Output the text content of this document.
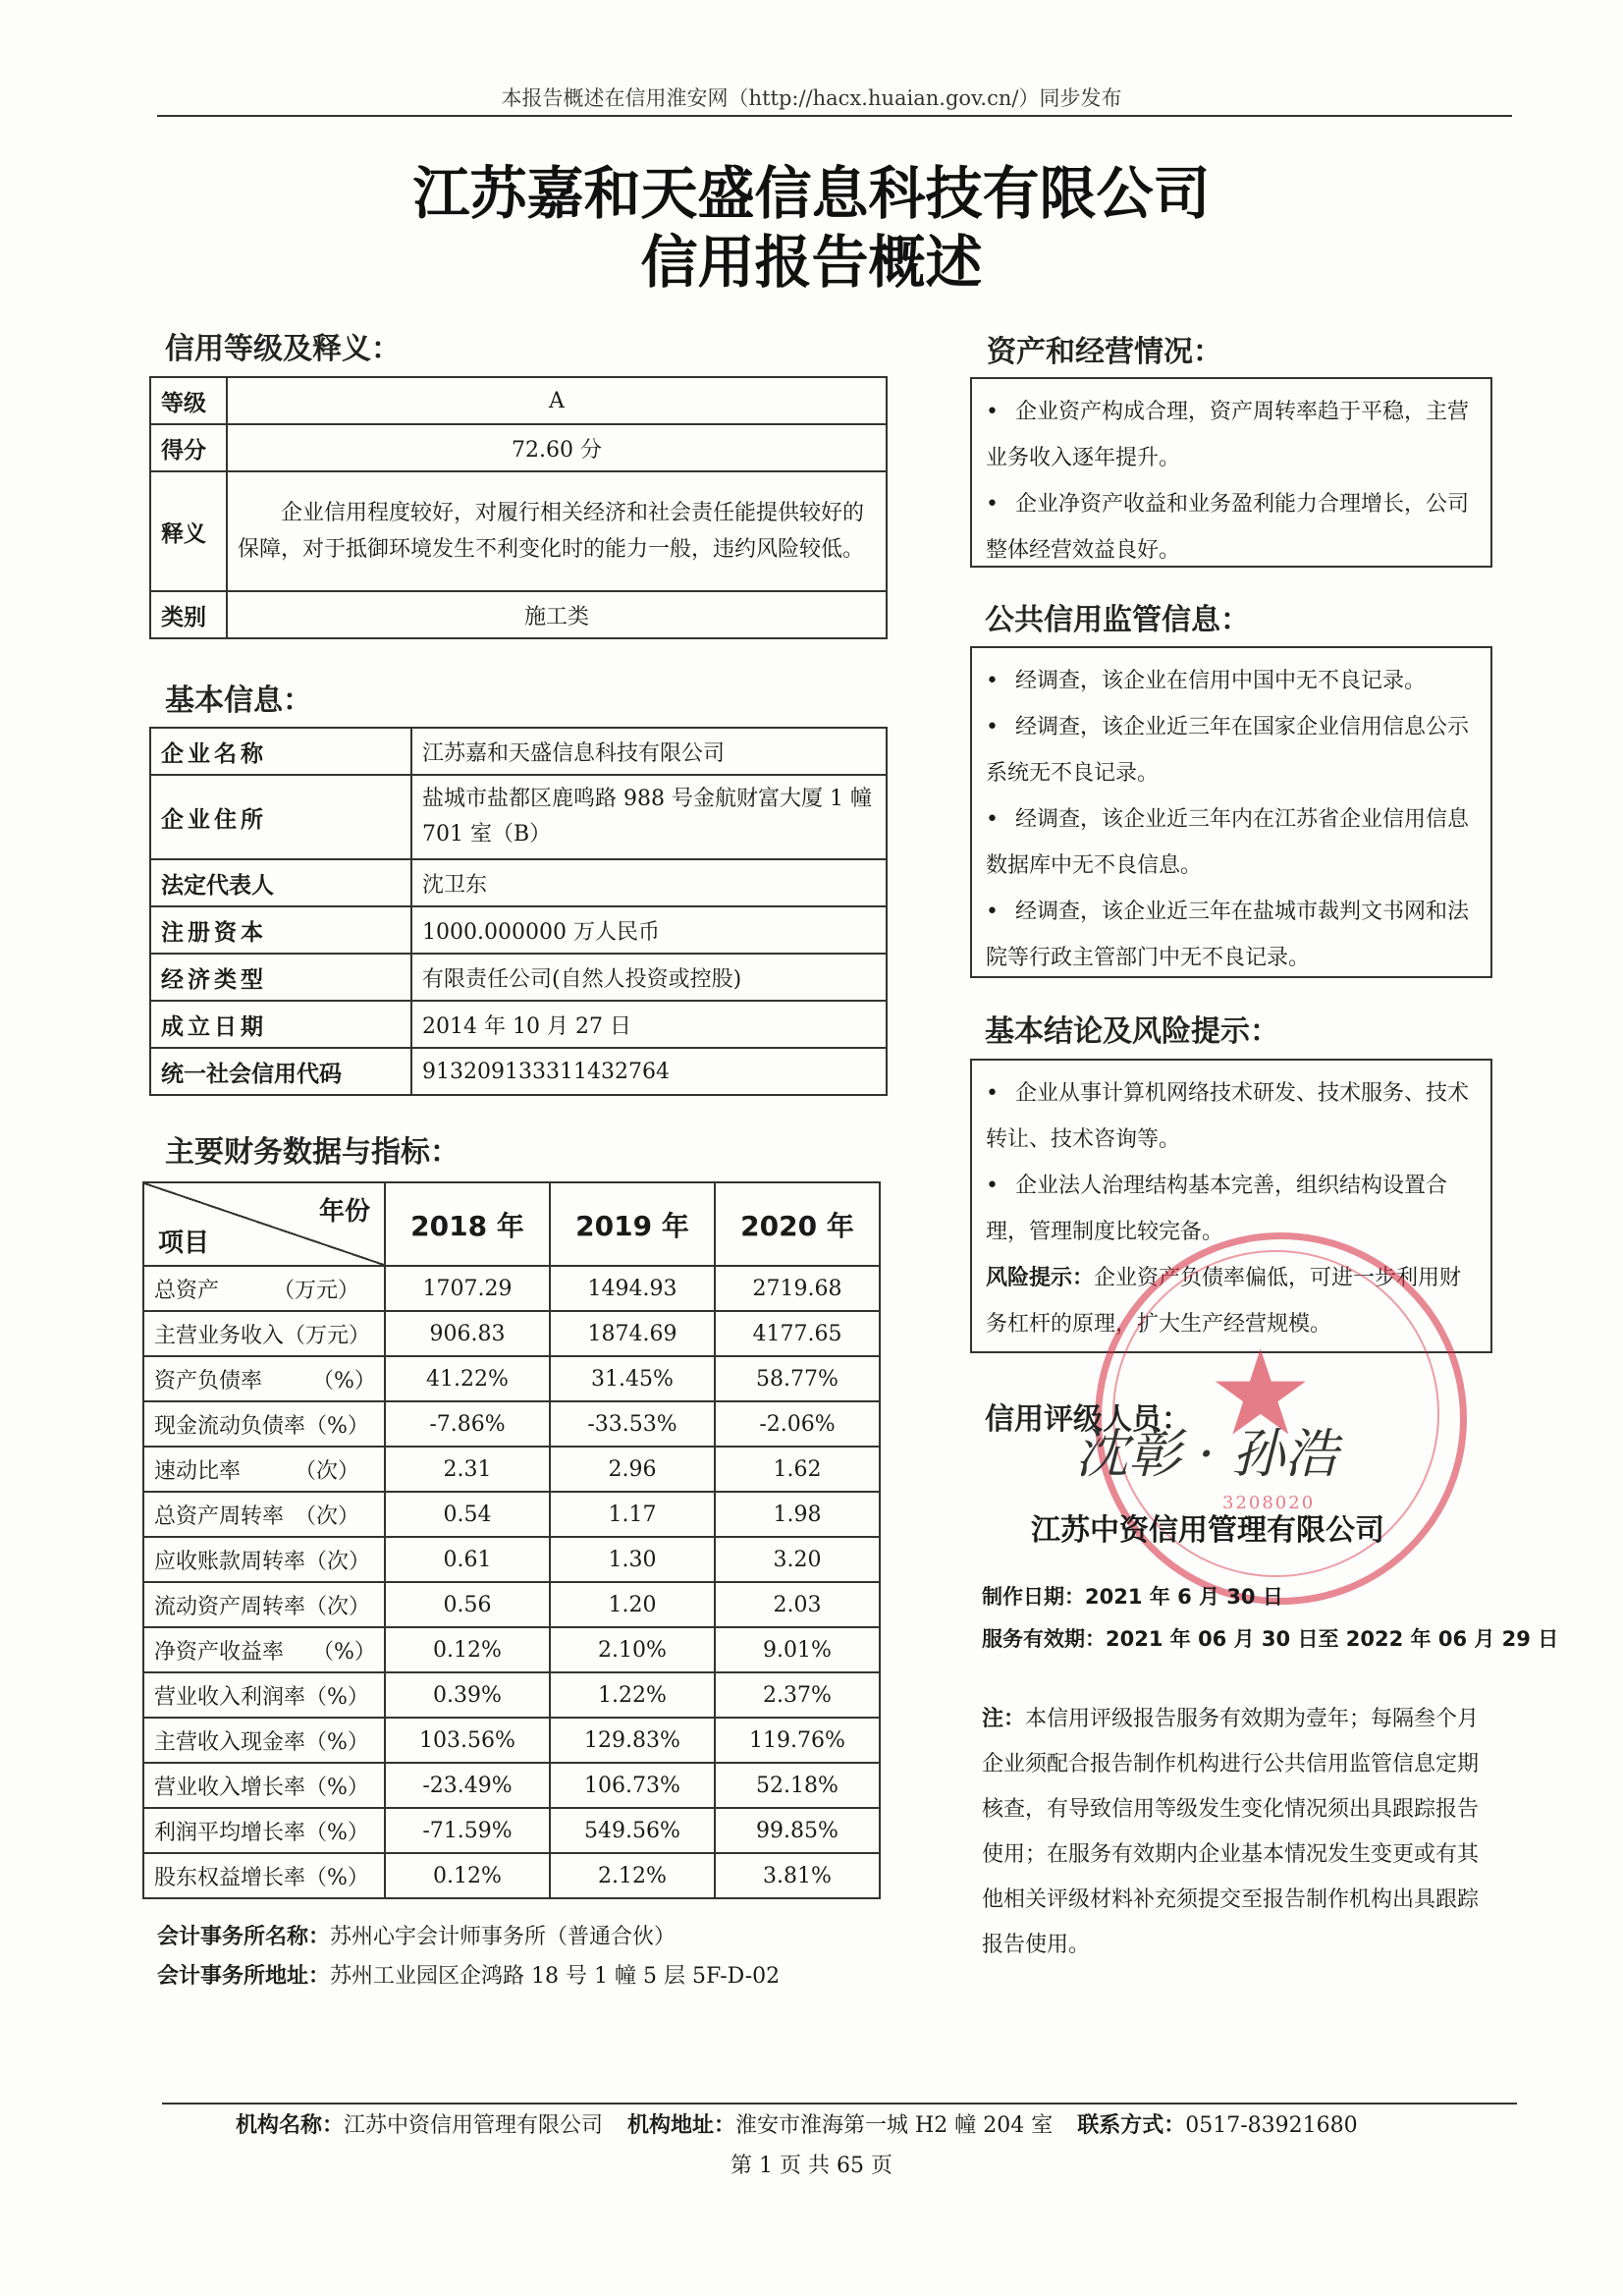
本报告概述在信用淮安网（http://hacx.huaian.gov.cn/）同步发布
江苏嘉和天盛信息科技有限公司
信用报告概述
信用等级及释义：
等级	A
得分	72.60 分
释义	企业信用程度较好，对履行相关经济和社会责任能提供较好的保障，对于抵御环境发生不利变化时的能力一般，违约风险较低。
类别	施工类
基本信息：
企业名称	江苏嘉和天盛信息科技有限公司
企业住所	盐城市盐都区鹿鸣路 988 号金航财富大厦 1 幢 701 室（B）
法定代表人	沈卫东
注册资本	1000.000000 万人民币
经济类型	有限责任公司(自然人投资或控股)
成立日期	2014 年 10 月 27 日
统一社会信用代码	913209133311432764
主要财务数据与指标：
年份
项目	2018 年	2019 年	2020 年
总资产　　　（万元）	1707.29	1494.93	2719.68
主营业务收入（万元）	906.83	1874.69	4177.65
资产负债率　　 （%）	41.22%	31.45%	58.77%
现金流动负债率（%）	-7.86%	-33.53%	-2.06%
速动比率　　　（次）	2.31	2.96	1.62
总资产周转率　（次）	0.54	1.17	1.98
应收账款周转率（次）	0.61	1.30	3.20
流动资产周转率（次）	0.56	1.20	2.03
净资产收益率　 （%）	0.12%	2.10%	9.01%
营业收入利润率（%）	0.39%	1.22%	2.37%
主营收入现金率（%）	103.56%	129.83%	119.76%
营业收入增长率（%）	-23.49%	106.73%	52.18%
利润平均增长率（%）	-71.59%	549.56%	99.85%
股东权益增长率（%）	0.12%	2.12%	3.81%
会计事务所名称：苏州心宇会计师事务所（普通合伙）
会计事务所地址：苏州工业园区企鸿路 18 号 1 幢 5 层 5F-D-02
资产和经营情况：

• 企业资产构成合理，资产周转率趋于平稳，主营业务收入逐年提升。

• 企业净资产收益和业务盈利能力合理增长，公司整体经营效益良好。

公共信用监管信息：

• 经调查，该企业在信用中国中无不良记录。

• 经调查，该企业近三年在国家企业信用信息公示系统无不良记录。

• 经调查，该企业近三年内在江苏省企业信用信息数据库中无不良信息。

• 经调查，该企业近三年在盐城市裁判文书网和法院等行政主管部门中无不良记录。

基本结论及风险提示：

• 企业从事计算机网络技术研发、技术服务、技术转让、技术咨询等。

• 企业法人治理结构基本完善，组织结构设置合理，管理制度比较完备。

风险提示：企业资产负债率偏低，可进一步利用财务杠杆的原理，扩大生产经营规模。

★
3208020
信用评级人员：
沈彰 · 孙浩
江苏中资信用管理有限公司
制作日期：2021 年 6 月 30 日
服务有效期：2021 年 06 月 30 日至 2022 年 06 月 29 日
注：本信用评级报告服务有效期为壹年；每隔叁个月企业须配合报告制作机构进行公共信用监管信息定期核查，有导致信用等级发生变化情况须出具跟踪报告使用；在服务有效期内企业基本情况发生变更或有其他相关评级材料补充须提交至报告制作机构出具跟踪报告使用。
机构名称：江苏中资信用管理有限公司 机构地址：淮安市淮海第一城 H2 幢 204 室 联系方式：0517-83921680
第 1 页 共 65 页
